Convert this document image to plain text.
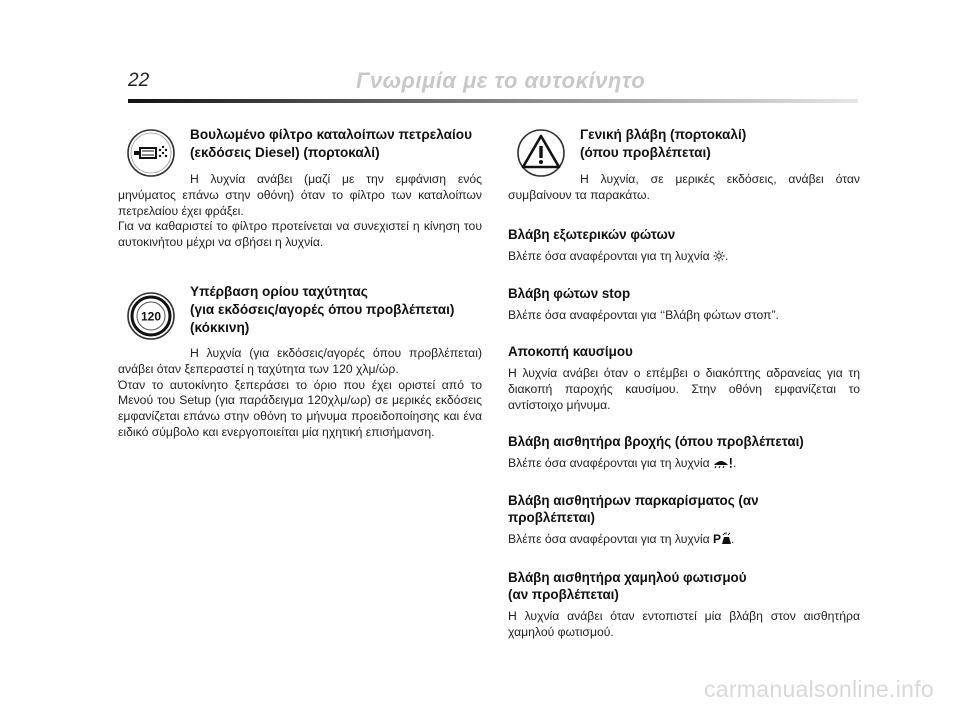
22	Γνωριμία με το αυτοκίνητο
Βουλωμένο φίλτρο καταλοίπων πετρελαίου
(εκδόσεις Diesel) (πορτοκαλί)

Η λυχνία ανάβει (μαζί με την εμφάνιση ενός μηνύματος επάνω στην οθόνη) όταν το φίλτρο των καταλοίπων πετρελαίου έχει φράξει.

Για να καθαριστεί το φίλτρο προτείνεται να συνεχιστεί η κίνηση του αυτοκινήτου μέχρι να σβήσει η λυχνία.

120
Υπέρβαση ορίου ταχύτητας
(για εκδόσεις/αγορές όπου προβλέπεται)
(κόκκινη)

Η λυχνία (για εκδόσεις/αγορές όπου προβλέπεται) ανάβει όταν ξεπεραστεί η ταχύτητα των 120 χλμ/ώρ.

Όταν το αυτοκίνητο ξεπεράσει το όριο που έχει οριστεί από το Μενού του Setup (για παράδειγμα 120χλμ/ωρ) σε μερικές εκδόσεις εμφανίζεται επάνω στην οθόνη το μήνυμα προειδοποίησης και ένα ειδικό σύμβολο και ενεργοποιείται μία ηχητική επισήμανση.

Γενική βλάβη (πορτοκαλί)
(όπου προβλέπεται)

Η λυχνία, σε μερικές εκδόσεις, ανάβει όταν συμβαίνουν τα παρακάτω.

Βλάβη εξωτερικών φώτων

Βλέπε όσα αναφέρονται για τη λυχνία .

Βλάβη φώτων stop

Βλέπε όσα αναφέρονται για ‘‘Βλάβη φώτων στοπ”.

Αποκοπή καυσίμου

Η λυχνία ανάβει όταν ο επέμβει ο διακόπτης αδρανείας για τη διακοπή παροχής καυσίμου. Στην οθόνη εμφανίζεται το αντίστοιχο μήνυμα.

Βλάβη αισθητήρα βροχής (όπου προβλέπεται)

Βλέπε όσα αναφέρονται για τη λυχνία .

Βλάβη αισθητήρων παρκαρίσματος (αν
προβλέπεται)

Βλέπε όσα αναφέρονται για τη λυχνία P .

Βλάβη αισθητήρα χαμηλού φωτισμού
(αν προβλέπεται)

Η λυχνία ανάβει όταν εντοπιστεί μία βλάβη στον αισθητήρα χαμηλού φωτισμού.

carmanualsonline.info
